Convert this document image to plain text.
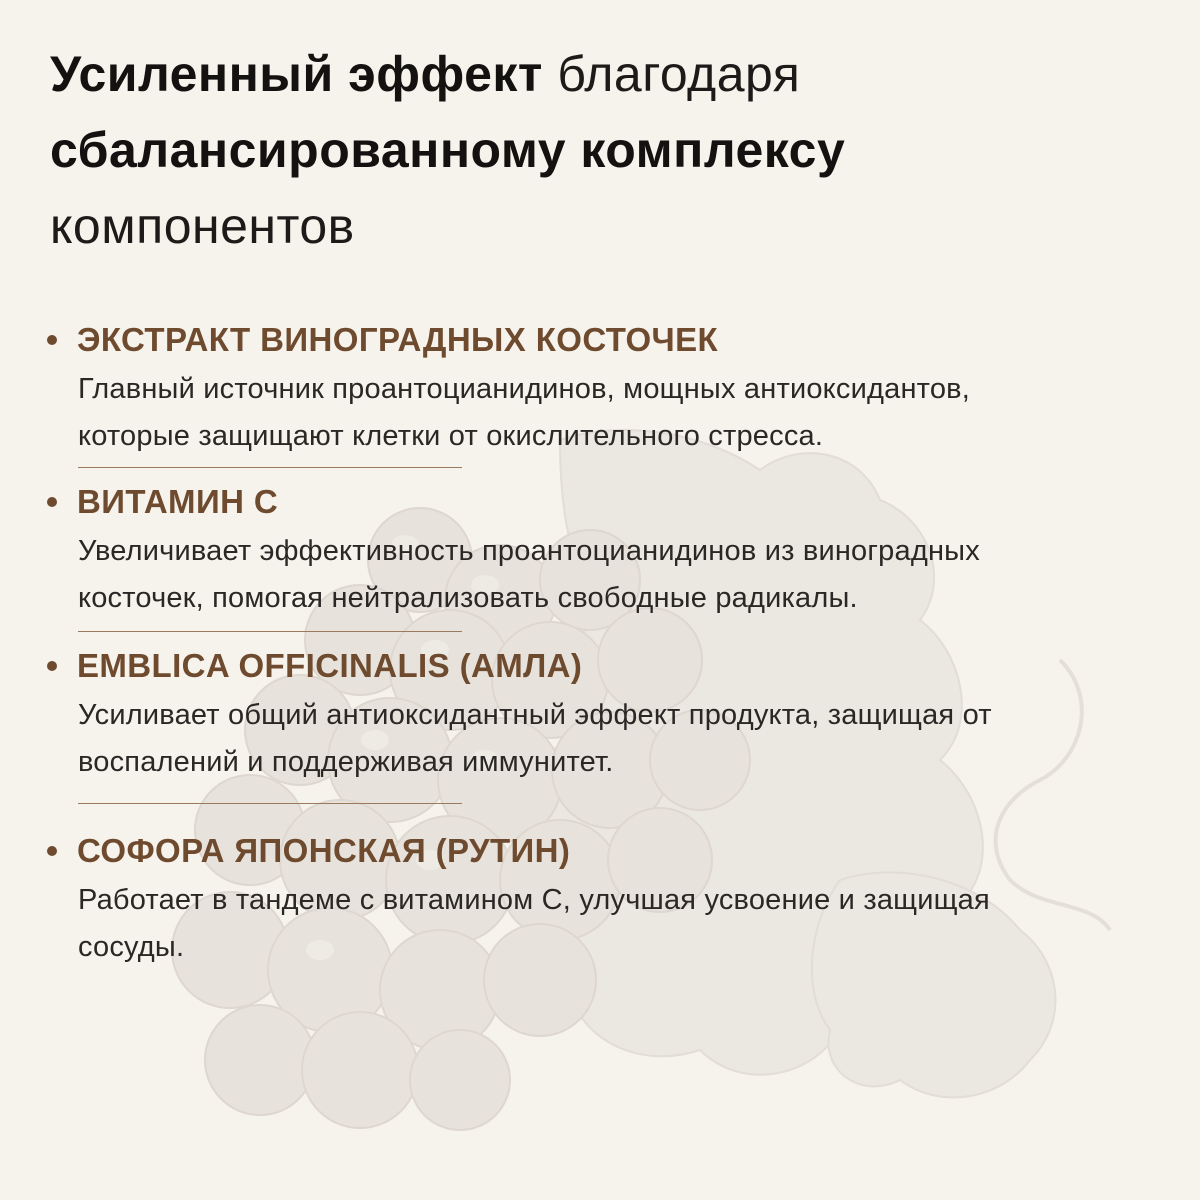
Усиленный эффект благодаря
сбалансированному комплексу
компонентов
ЭКСТРАКТ ВИНОГРАДНЫХ КОСТОЧЕК
Главный источник проантоцианидинов, мощных антиоксидантов,
которые защищают клетки от окислительного стресса.
ВИТАМИН С
Увеличивает эффективность проантоцианидинов из виноградных
косточек, помогая нейтрализовать свободные радикалы.
EMBLICA OFFICINALIS (АМЛА)
Усиливает общий антиоксидантный эффект продукта, защищая от
воспалений и поддерживая иммунитет.
СОФОРА ЯПОНСКАЯ (РУТИН)
Работает в тандеме с витамином С, улучшая усвоение и защищая
сосуды.
